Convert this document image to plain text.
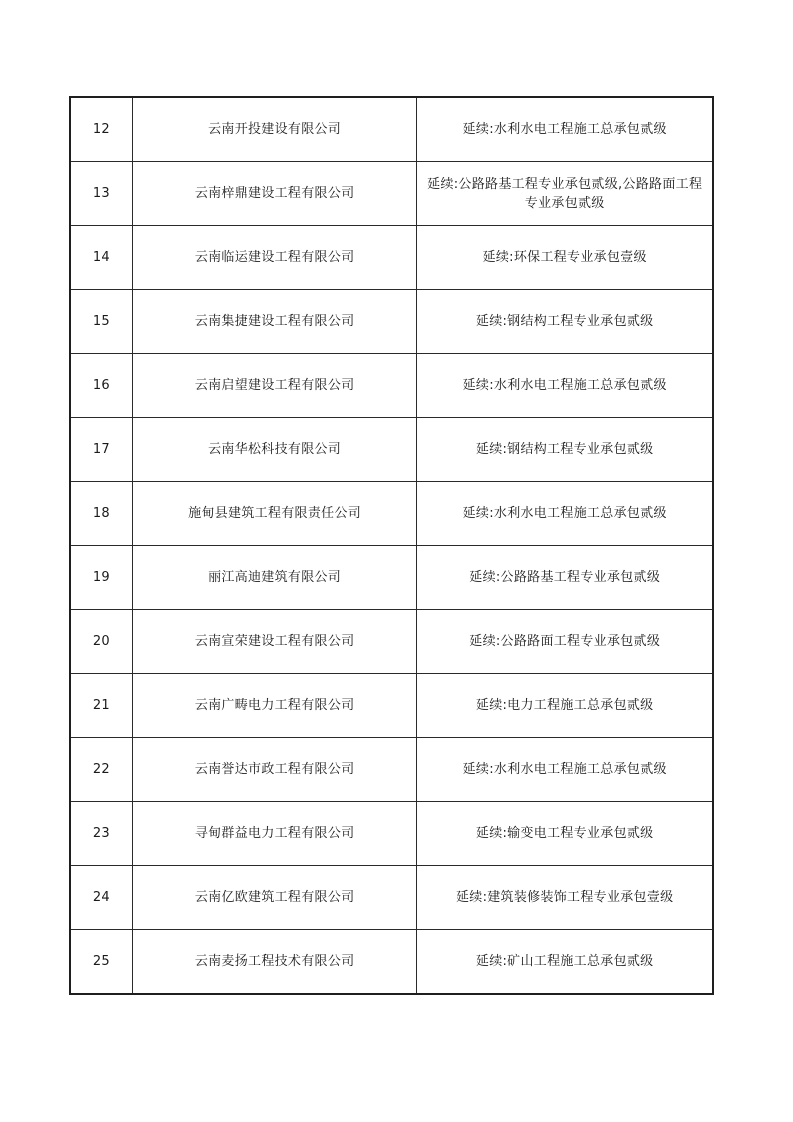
12	云南开投建设有限公司	延续:水利水电工程施工总承包贰级
13	云南梓鼎建设工程有限公司	延续:公路路基工程专业承包贰级,公路路面工程专业承包贰级
14	云南临运建设工程有限公司	延续:环保工程专业承包壹级
15	云南集捷建设工程有限公司	延续:钢结构工程专业承包贰级
16	云南启望建设工程有限公司	延续:水利水电工程施工总承包贰级
17	云南华松科技有限公司	延续:钢结构工程专业承包贰级
18	施甸县建筑工程有限责任公司	延续:水利水电工程施工总承包贰级
19	丽江高迪建筑有限公司	延续:公路路基工程专业承包贰级
20	云南宣荣建设工程有限公司	延续:公路路面工程专业承包贰级
21	云南广畴电力工程有限公司	延续:电力工程施工总承包贰级
22	云南誉达市政工程有限公司	延续:水利水电工程施工总承包贰级
23	寻甸群益电力工程有限公司	延续:输变电工程专业承包贰级
24	云南亿欧建筑工程有限公司	延续:建筑装修装饰工程专业承包壹级
25	云南麦扬工程技术有限公司	延续:矿山工程施工总承包贰级
